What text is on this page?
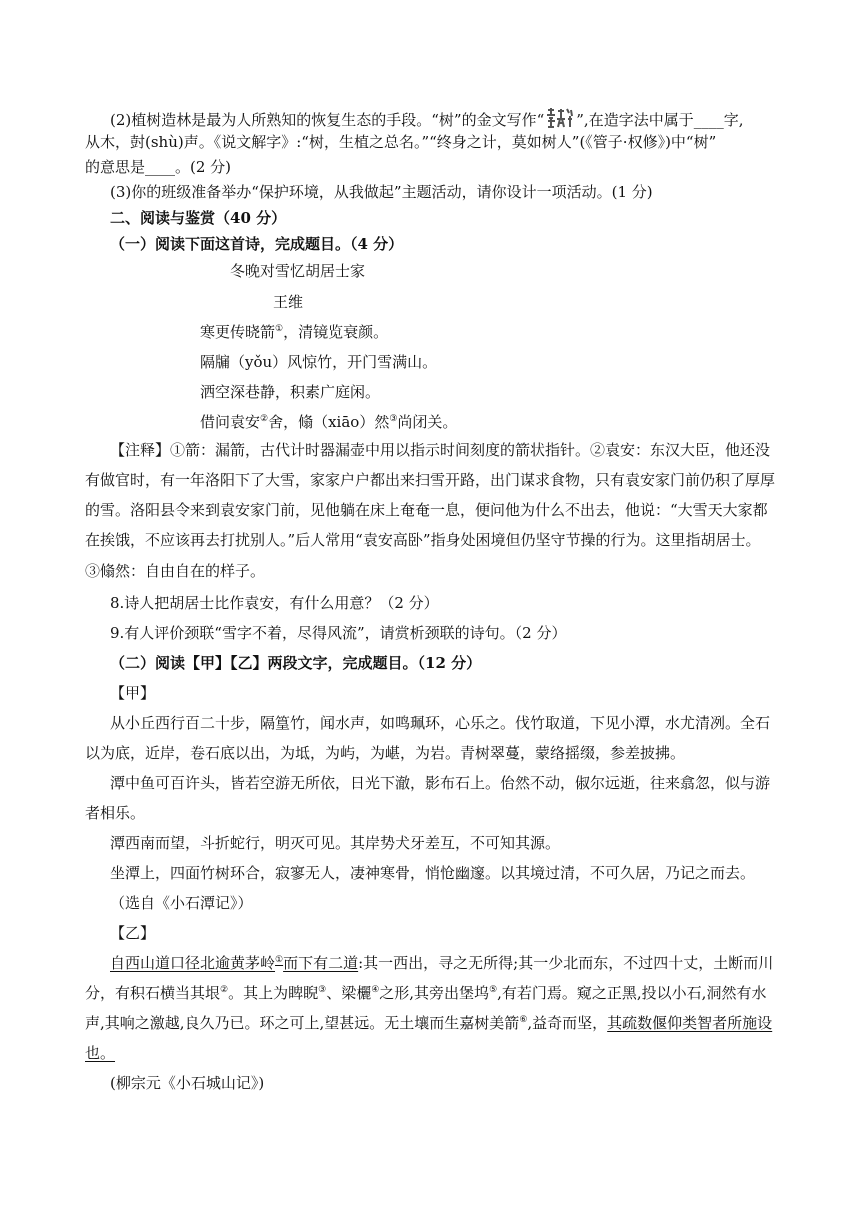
(2)植树造林是最为人所熟知的恢复生态的手段。“树”的金文写作“ ”,在造字法中属于____字,
从木，尌(shù)声。《说文解字》:“树，生植之总名。”“终身之计，莫如树人”(《管子·权修》)中“树”
的意思是____。(2 分)
(3)你的班级准备举办“保护环境，从我做起”主题活动，请你设计一项活动。(1 分)
二、阅读与鉴赏（40 分）
（一）阅读下面这首诗，完成题目。（4 分）
冬晚对雪忆胡居士家
王维
寒更传晓箭①，清镜览衰颜。
隔牖（yǒu）风惊竹，开门雪满山。
洒空深巷静，积素广庭闲。
借问袁安②舍，翛（xiāo）然③尚闭关。
【注释】①箭：漏箭，古代计时器漏壶中用以指示时间刻度的箭状指针。②袁安：东汉大臣，他还没
有做官时，有一年洛阳下了大雪，家家户户都出来扫雪开路，出门谋求食物，只有袁安家门前仍积了厚厚
的雪。洛阳县令来到袁安家门前，见他躺在床上奄奄一息，便问他为什么不出去，他说：“大雪天大家都
在挨饿，不应该再去打扰别人。”后人常用“袁安高卧”指身处困境但仍坚守节操的行为。这里指胡居士。
③翛然：自由自在的样子。
8.诗人把胡居士比作袁安，有什么用意？（2 分）
9.有人评价颈联“雪字不着，尽得风流”，请赏析颈联的诗句。（2 分）
（二）阅读【甲】【乙】两段文字，完成题目。（12 分）
【甲】
从小丘西行百二十步，隔篁竹，闻水声，如鸣珮环，心乐之。伐竹取道，下见小潭，水尤清冽。全石
以为底，近岸，卷石底以出，为坻，为屿，为嵁，为岩。青树翠蔓，蒙络摇缀，参差披拂。
潭中鱼可百许头，皆若空游无所依，日光下澈，影布石上。佁然不动，俶尔远逝，往来翕忽，似与游
者相乐。
潭西南而望，斗折蛇行，明灭可见。其岸势犬牙差互，不可知其源。
坐潭上，四面竹树环合，寂寥无人，凄神寒骨，悄怆幽邃。以其境过清，不可久居，乃记之而去。
（选自《小石潭记》）
【乙】
自西山道口径北逾黄茅岭①而下有二道:其一西出，寻之无所得;其一少北而东，不过四十丈，土断而川
分，有积石横当其垠②。其上为睥睨③、梁欐④之形,其旁出堡坞⑤,有若门焉。窥之正黑,投以小石,洞然有水
声,其响之激越,良久乃已。环之可上,望甚远。无土壤而生嘉树美箭⑥,益奇而坚，其疏数偃仰类智者所施设
也。
(柳宗元《小石城山记》)
